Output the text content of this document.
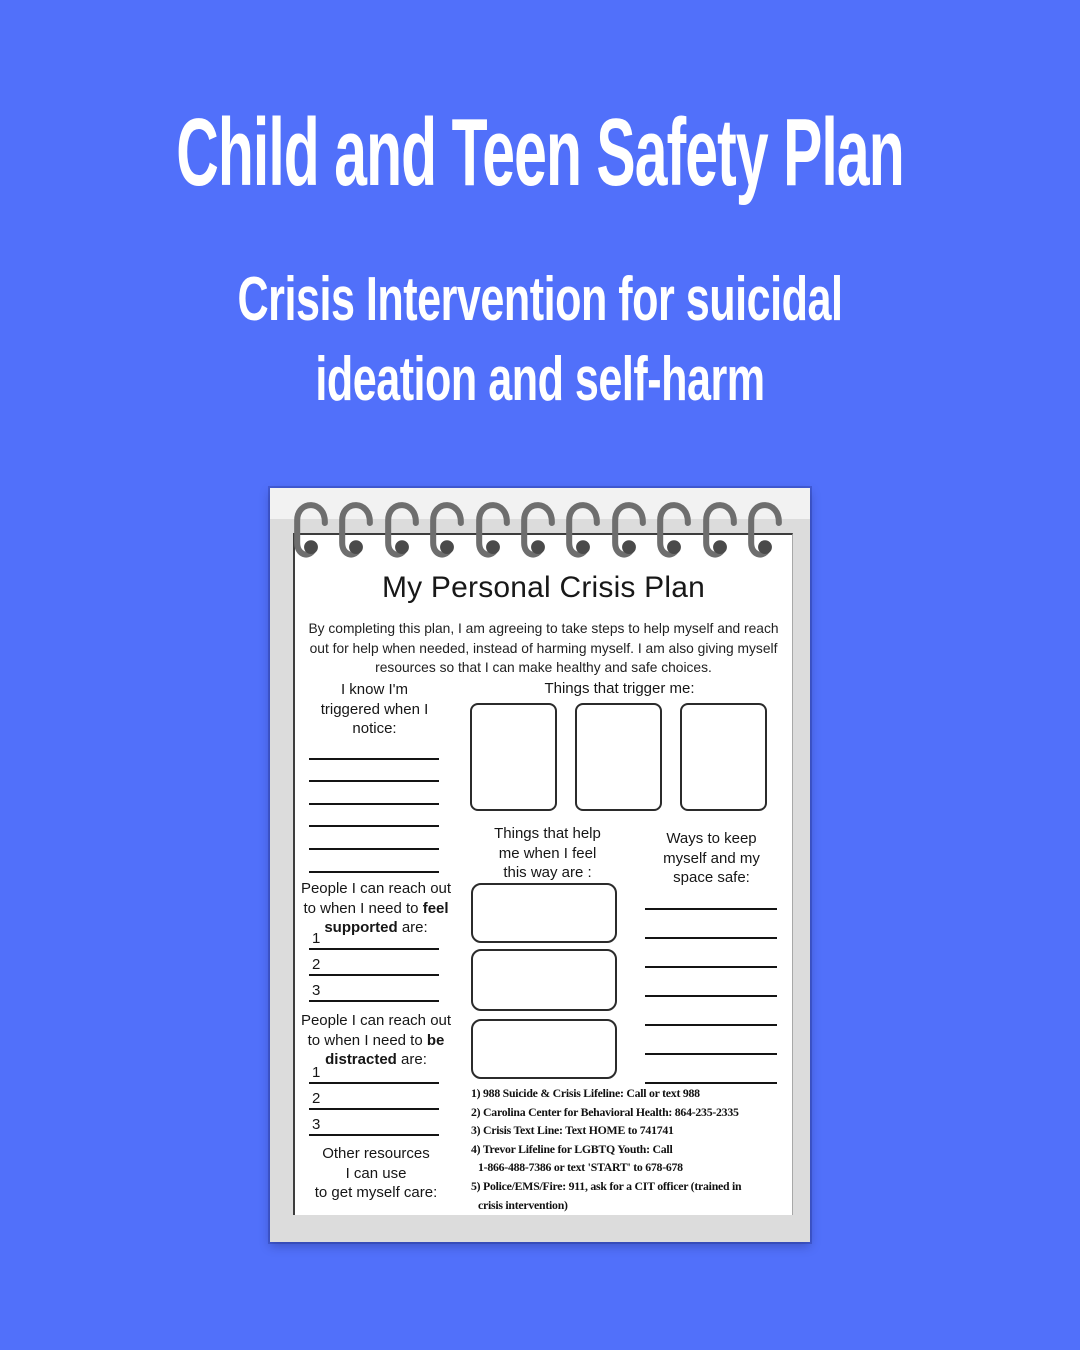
Child and Teen Safety Plan
Crisis Intervention for suicidal
ideation and self-harm
My Personal Crisis Plan
By completing this plan, I am agreeing to take steps to help myself and reach out for help when needed, instead of harming myself. I am also giving myself resources so that I can make healthy and safe choices.
I know I'm triggered when I notice:
People I can reach out to when I need to feel supported are:
1
2
3
People I can reach out to when I need to be distracted are:
1
2
3
Other resources
I can use
to get myself care:
Things that trigger me:
Things that help me when I feel this way are :
Ways to keep myself and my space safe:
1) 988 Suicide & Crisis Lifeline: Call or text 988
2) Carolina Center for Behavioral Health: 864-235-2335
3) Crisis Text Line: Text HOME to 741741
4) Trevor Lifeline for LGBTQ Youth: Call
1-866-488-7386 or text 'START' to 678-678
5) Police/EMS/Fire: 911, ask for a CIT officer (trained in
crisis intervention)
